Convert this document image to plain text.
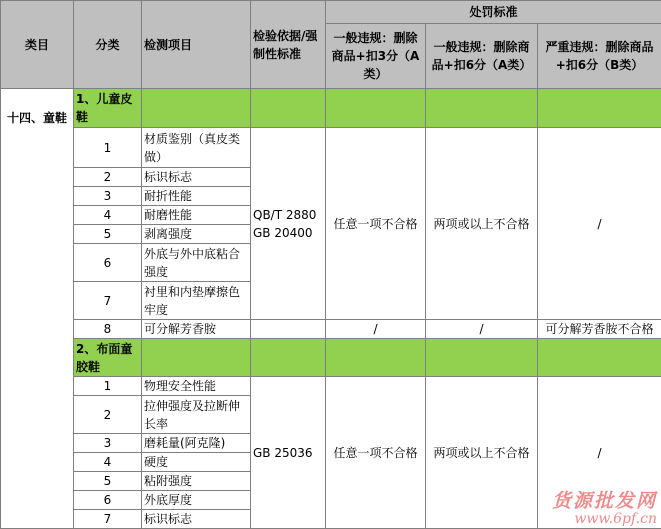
类目	分类	检测项目	检验依据/强制性标准	处罚标准		
				一般违规：删除商品+扣3分（A类）	一般违规：删除商品+扣6分（A类）	严重违规：删除商品+扣6分（B类）
十四、童鞋	1、儿童皮鞋					
	1	材质鉴别（真皮类做）	QB/T 2880 GB 20400	任意一项不合格	两项或以上不合格	/
	2	标识标志				
	3	耐折性能				
	4	耐磨性能				
	5	剥离强度				
	6	外底与外中底粘合强度				
	7	衬里和内垫摩擦色牢度				
	8	可分解芳香胺		/	/	可分解芳香胺不合格
	2、布面童胶鞋					
	1	物理安全性能	GB 25036	任意一项不合格	两项或以上不合格	/
	2	拉伸强度及拉断伸长率				
	3	磨耗量(阿克隆)				
	4	硬度				
	5	粘附强度				
	6	外底厚度				
	7	标识标志				
货源批发网
www.6pf.cn
